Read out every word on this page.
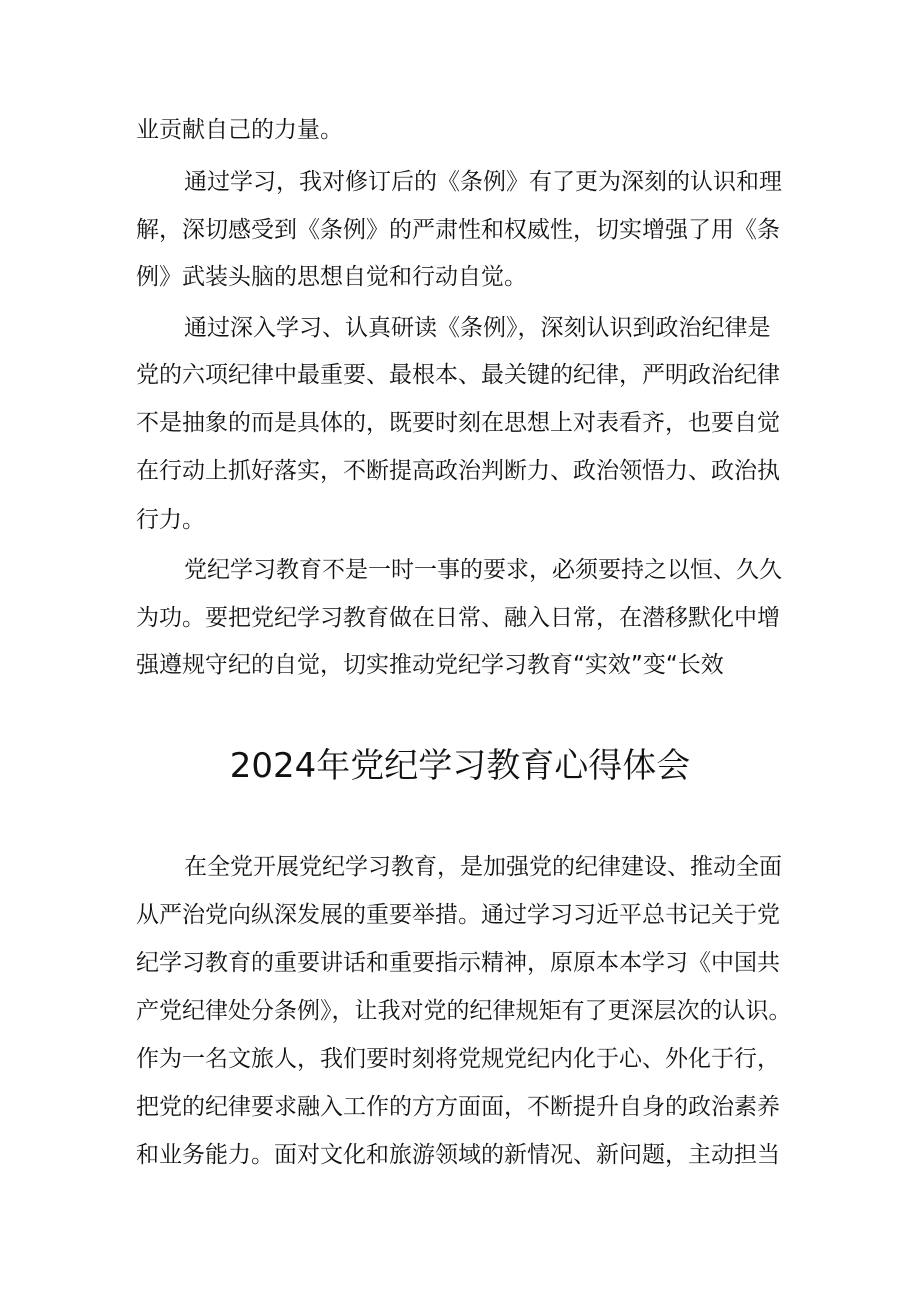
业贡献自己的力量。
通过学习，我对修订后的《条例》有了更为深刻的认识和理
解，深切感受到《条例》的严肃性和权威性，切实增强了用《条
例》武装头脑的思想自觉和行动自觉。
通过深入学习、认真研读《条例》，深刻认识到政治纪律是
党的六项纪律中最重要、最根本、最关键的纪律，严明政治纪律
不是抽象的而是具体的，既要时刻在思想上对表看齐，也要自觉
在行动上抓好落实，不断提高政治判断力、政治领悟力、政治执
行力。
党纪学习教育不是一时一事的要求，必须要持之以恒、久久
为功。要把党纪学习教育做在日常、融入日常，在潜移默化中增
强遵规守纪的自觉，切实推动党纪学习教育“实效”变“长效
2024年党纪学习教育心得体会
在全党开展党纪学习教育，是加强党的纪律建设、推动全面
从严治党向纵深发展的重要举措。通过学习习近平总书记关于党
纪学习教育的重要讲话和重要指示精神，原原本本学习《中国共
产党纪律处分条例》，让我对党的纪律规矩有了更深层次的认识。
作为一名文旅人，我们要时刻将党规党纪内化于心、外化于行，
把党的纪律要求融入工作的方方面面，不断提升自身的政治素养
和业务能力。面对文化和旅游领域的新情况、新问题，主动担当
